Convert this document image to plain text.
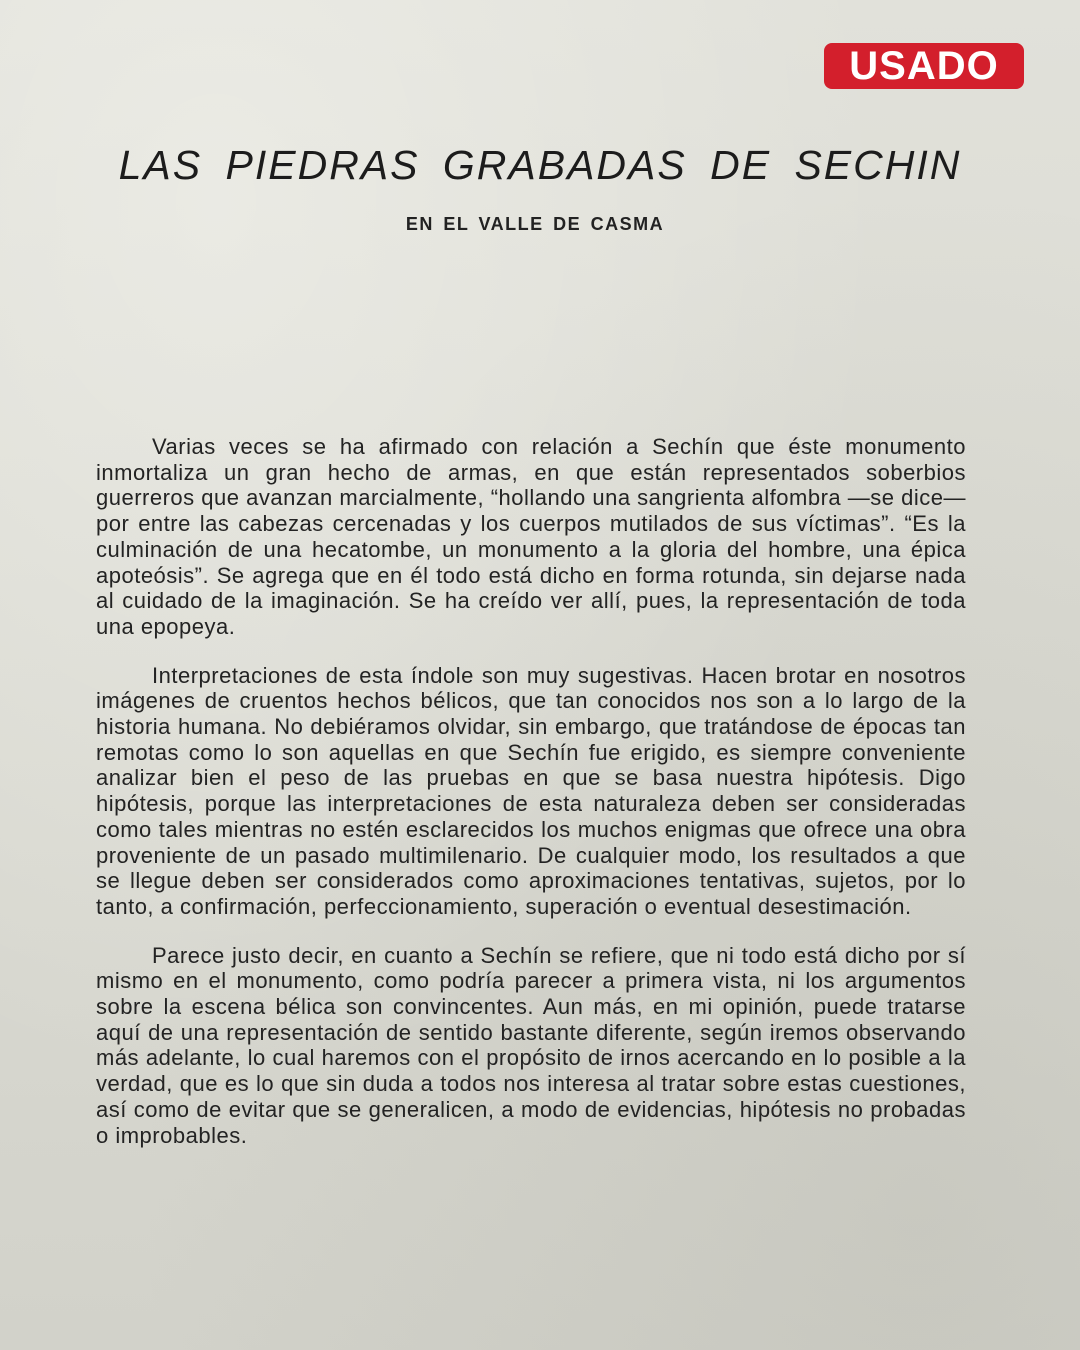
USADO
LAS PIEDRAS GRABADAS DE SECHIN
EN EL VALLE DE CASMA

Varias veces se ha afirmado con relación a Sechín que éste monumento inmortaliza un gran hecho de armas, en que están representados soberbios guerreros que avanzan marcialmente, “hollando una sangrienta alfombra —se dice— por entre las cabezas cercenadas y los cuerpos mutilados de sus víctimas”. “Es la culminación de una hecatombe, un monumento a la gloria del hombre, una épica apoteósis”. Se agrega que en él todo está dicho en forma rotunda, sin dejarse nada al cuidado de la imaginación. Se ha creído ver allí, pues, la representación de toda una epopeya.

Interpretaciones de esta índole son muy sugestivas. Hacen brotar en nosotros imágenes de cruentos hechos bélicos, que tan conocidos nos son a lo largo de la historia humana. No debiéramos olvidar, sin embargo, que tratándose de épocas tan remotas como lo son aquellas en que Sechín fue erigido, es siempre conveniente analizar bien el peso de las pruebas en que se basa nuestra hipótesis. Digo hipótesis, porque las interpretaciones de esta naturaleza deben ser consideradas como tales mientras no estén esclarecidos los muchos enigmas que ofrece una obra proveniente de un pasado multimilenario. De cualquier modo, los resultados a que se llegue deben ser considerados como aproximaciones tentativas, sujetos, por lo tanto, a confirmación, perfeccionamiento, superación o eventual desestimación.

Parece justo decir, en cuanto a Sechín se refiere, que ni todo está dicho por sí mismo en el monumento, como podría parecer a primera vista, ni los argumentos sobre la escena bélica son convincentes. Aun más, en mi opinión, puede tratarse aquí de una representación de sentido bastante diferente, según iremos observando más adelante, lo cual haremos con el propósito de irnos acercando en lo posible a la verdad, que es lo que sin duda a todos nos interesa al tratar sobre estas cuestiones, así como de evitar que se generalicen, a modo de evidencias, hipótesis no probadas o improbables.
